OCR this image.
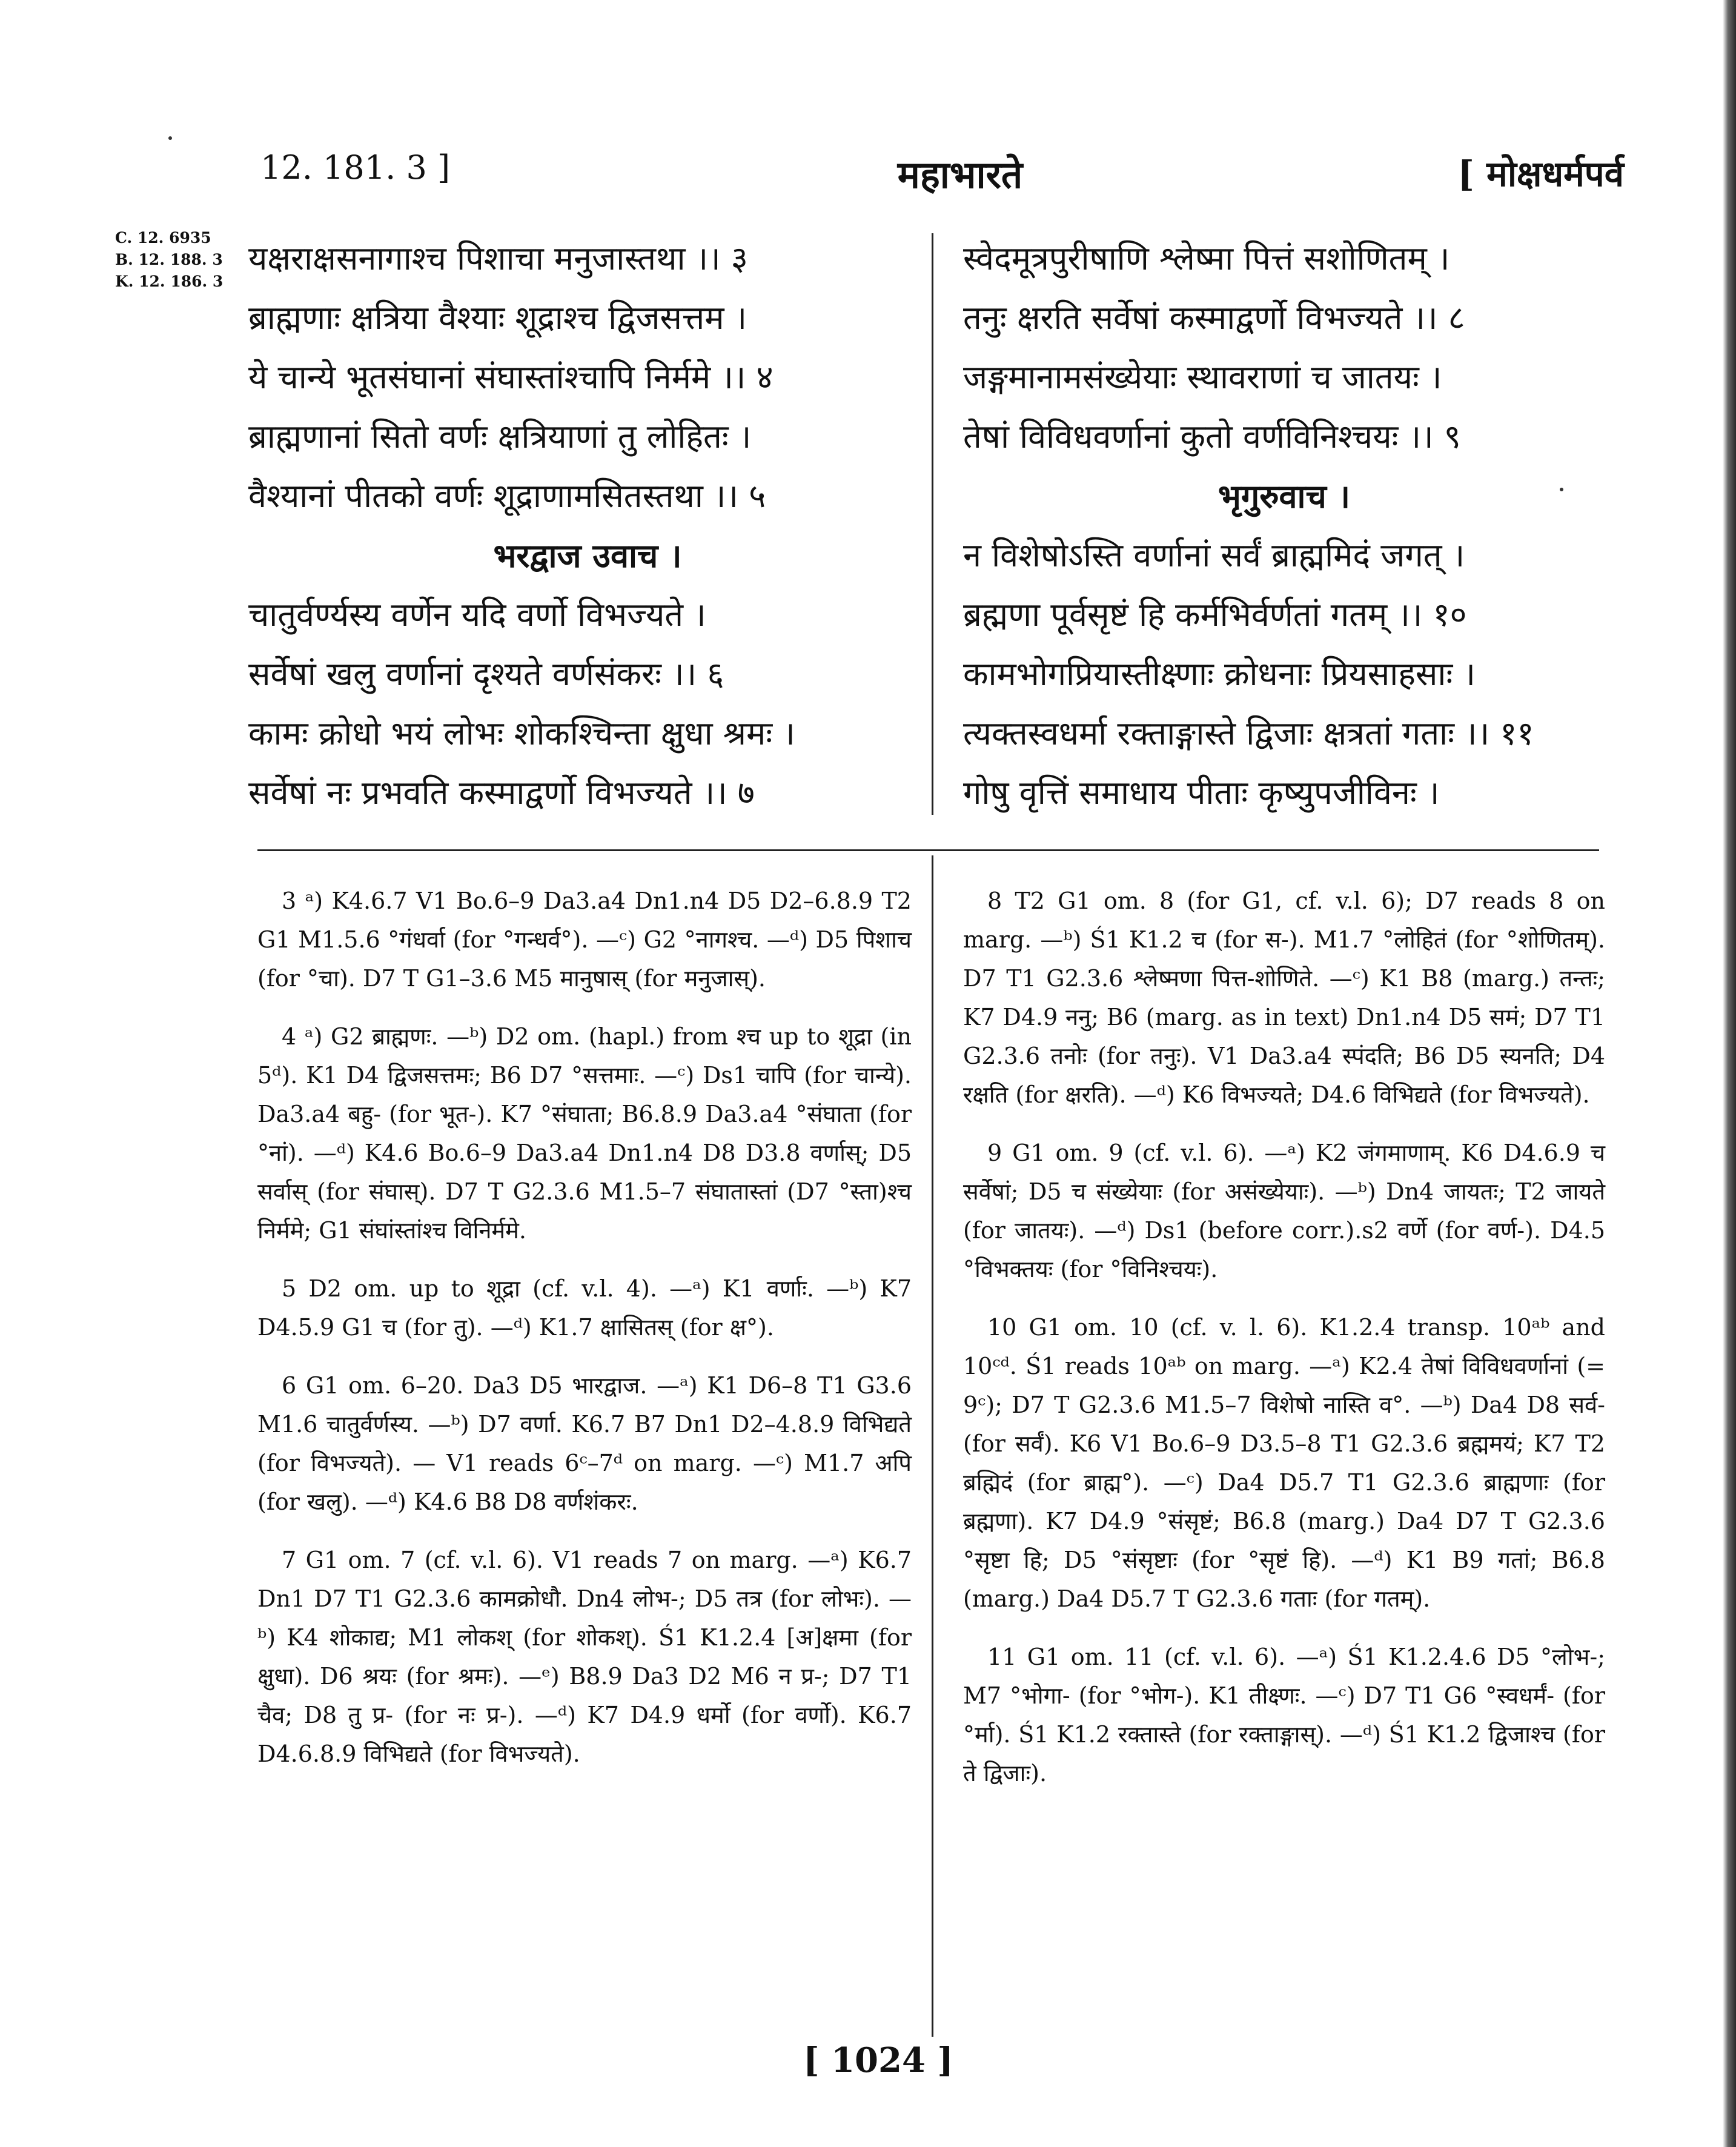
12. 181. 3 ]	महाभारते	[ मोक्षधर्मपर्व
C. 12. 6935
B. 12. 188. 3
K. 12. 186. 3
यक्षराक्षसनागाश्च पिशाचा मनुजास्तथा ।। ३
ब्राह्मणाः क्षत्रिया वैश्याः शूद्राश्च द्विजसत्तम ।
ये चान्ये भूतसंघानां संघास्तांश्चापि निर्ममे ।। ४
ब्राह्मणानां सितो वर्णः क्षत्रियाणां तु लोहितः ।
वैश्यानां पीतको वर्णः शूद्राणामसितस्तथा ।। ५
भरद्वाज उवाच ।
चातुर्वर्ण्यस्य वर्णेन यदि वर्णो विभज्यते ।
सर्वेषां खलु वर्णानां दृश्यते वर्णसंकरः ।। ६
कामः क्रोधो भयं लोभः शोकश्चिन्ता क्षुधा श्रमः ।
सर्वेषां नः प्रभवति कस्माद्वर्णो विभज्यते ।। ७
स्वेदमूत्रपुरीषाणि श्लेष्मा पित्तं सशोणितम् ।
तनुः क्षरति सर्वेषां कस्माद्वर्णो विभज्यते ।। ८
जङ्गमानामसंख्येयाः स्थावराणां च जातयः ।
तेषां विविधवर्णानां कुतो वर्णविनिश्चयः ।। ९
भृगुरुवाच ।
न विशेषोऽस्ति वर्णानां सर्वं ब्राह्ममिदं जगत् ।
ब्रह्मणा पूर्वसृष्टं हि कर्मभिर्वर्णतां गतम् ।। १०
कामभोगप्रियास्तीक्ष्णाः क्रोधनाः प्रियसाहसाः ।
त्यक्तस्वधर्मा रक्ताङ्गास्ते द्विजाः क्षत्रतां गताः ।। ११
गोषु वृत्तिं समाधाय पीताः कृष्युपजीविनः ।

3 ᵃ) K4.6.7 V1 Bo.6–9 Da3.a4 Dn1.n4 D5 D2–6.8.9 T2 G1 M1.5.6 °गंधर्वा (for °गन्धर्व°). —ᶜ) G2 °नागश्च. —ᵈ) D5 पिशाच (for °चा). D7 T G1–3.6 M5 मानुषास् (for मनुजास्).

4 ᵃ) G2 ब्राह्मणः. —ᵇ) D2 om. (hapl.) from श्च up to शूद्रा (in 5ᵈ). K1 D4 द्विजसत्तमः; B6 D7 °सत्तमाः. —ᶜ) Ds1 चापि (for चान्ये). Da3.a4 बहु- (for भूत-). K7 °संघाता; B6.8.9 Da3.a4 °संघाता (for °नां). —ᵈ) K4.6 Bo.6–9 Da3.a4 Dn1.n4 D8 D3.8 वर्णास्; D5 सर्वास् (for संघास्). D7 T G2.3.6 M1.5–7 संघातास्तां (D7 °स्ता)श्च निर्ममे; G1 संघांस्तांश्च विनिर्ममे.

5 D2 om. up to शूद्रा (cf. v.l. 4). —ᵃ) K1 वर्णाः. —ᵇ) K7 D4.5.9 G1 च (for तु). —ᵈ) K1.7 क्षासितस् (for क्ष°).

6 G1 om. 6–20. Da3 D5 भारद्वाज. —ᵃ) K1 D6–8 T1 G3.6 M1.6 चातुर्वर्णस्य. —ᵇ) D7 वर्णा. K6.7 B7 Dn1 D2–4.8.9 विभिद्यते (for विभज्यते). — V1 reads 6ᶜ–7ᵈ on marg. —ᶜ) M1.7 अपि (for खलु). —ᵈ) K4.6 B8 D8 वर्णशंकरः.

7 G1 om. 7 (cf. v.l. 6). V1 reads 7 on marg. —ᵃ) K6.7 Dn1 D7 T1 G2.3.6 कामक्रोधौ. Dn4 लोभ-; D5 तत्र (for लोभः). —ᵇ) K4 शोकाद्य; M1 लोकश् (for शोकश्). Ś1 K1.2.4 [अ]क्षमा (for क्षुधा). D6 श्रयः (for श्रमः). —ᵉ) B8.9 Da3 D2 M6 न प्र-; D7 T1 चैव; D8 तु प्र- (for नः प्र-). —ᵈ) K7 D4.9 धर्मो (for वर्णो). K6.7 D4.6.8.9 विभिद्यते (for विभज्यते).

8 T2 G1 om. 8 (for G1, cf. v.l. 6); D7 reads 8 on marg. —ᵇ) Ś1 K1.2 च (for स-). M1.7 °लोहितं (for °शोणितम्). D7 T1 G2.3.6 श्लेष्मणा पित्त-शोणिते. —ᶜ) K1 B8 (marg.) तन्तः; K7 D4.9 ननु; B6 (marg. as in text) Dn1.n4 D5 समं; D7 T1 G2.3.6 तनोः (for तनुः). V1 Da3.a4 स्पंदति; B6 D5 स्यनति; D4 रक्षति (for क्षरति). —ᵈ) K6 विभज्यते; D4.6 विभिद्यते (for विभज्यते).

9 G1 om. 9 (cf. v.l. 6). —ᵃ) K2 जंगमाणाम्. K6 D4.6.9 च सर्वेषां; D5 च संख्येयाः (for असंख्येयाः). —ᵇ) Dn4 जायतः; T2 जायते (for जातयः). —ᵈ) Ds1 (before corr.).s2 वर्णे (for वर्ण-). D4.5 °विभक्तयः (for °विनिश्चयः).

10 G1 om. 10 (cf. v. l. 6). K1.2.4 transp. 10ᵃᵇ and 10ᶜᵈ. Ś1 reads 10ᵃᵇ on marg. —ᵃ) K2.4 तेषां विविधवर्णानां (= 9ᶜ); D7 T G2.3.6 M1.5–7 विशेषो नास्ति व°. —ᵇ) Da4 D8 सर्व- (for सर्वं). K6 V1 Bo.6–9 D3.5–8 T1 G2.3.6 ब्रह्ममयं; K7 T2 ब्रह्मिदं (for ब्राह्म°). —ᶜ) Da4 D5.7 T1 G2.3.6 ब्राह्मणाः (for ब्रह्मणा). K7 D4.9 °संसृष्टं; B6.8 (marg.) Da4 D7 T G2.3.6 °सृष्टा हि; D5 °संसृष्टाः (for °सृष्टं हि). —ᵈ) K1 B9 गतां; B6.8 (marg.) Da4 D5.7 T G2.3.6 गताः (for गतम्).

11 G1 om. 11 (cf. v.l. 6). —ᵃ) Ś1 K1.2.4.6 D5 °लोभ-; M7 °भोगा- (for °भोग-). K1 तीक्ष्णः. —ᶜ) D7 T1 G6 °स्वधर्मं- (for °र्मा). Ś1 K1.2 रक्तास्ते (for रक्ताङ्गास्). —ᵈ) Ś1 K1.2 द्विजाश्च (for ते द्विजाः).

[ 1024 ]
